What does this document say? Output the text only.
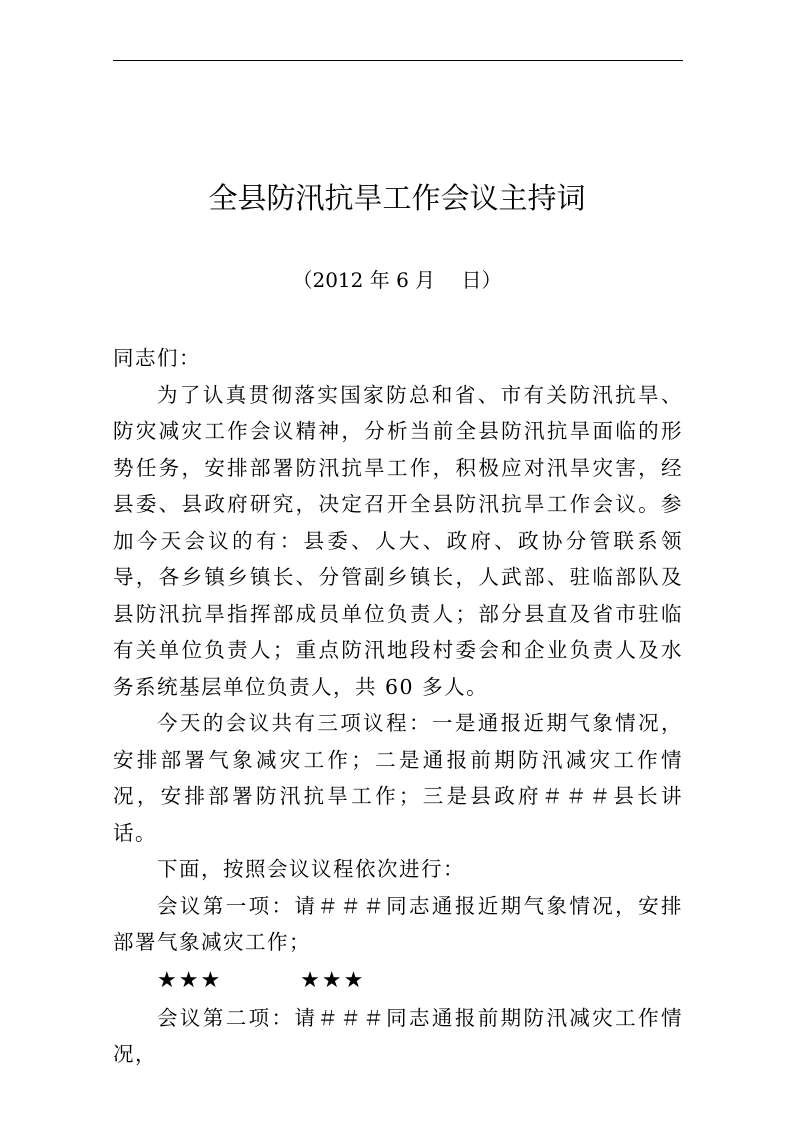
全县防汛抗旱工作会议主持词
（2012 年 6 月　 日）

同志们：

为了认真贯彻落实国家防总和省、市有关防汛抗旱、防灾减灾工作会议精神，分析当前全县防汛抗旱面临的形势任务，安排部署防汛抗旱工作，积极应对汛旱灾害，经县委、县政府研究，决定召开全县防汛抗旱工作会议。参加今天会议的有：县委、人大、政府、政协分管联系领导，各乡镇乡镇长、分管副乡镇长，人武部、驻临部队及县防汛抗旱指挥部成员单位负责人；部分县直及省市驻临有关单位负责人；重点防汛地段村委会和企业负责人及水务系统基层单位负责人，共 60 多人。

今天的会议共有三项议程：一是通报近期气象情况，安排部署气象减灾工作；二是通报前期防汛减灾工作情况，安排部署防汛抗旱工作；三是县政府＃＃＃县长讲话。

下面，按照会议议程依次进行：

会议第一项：请＃＃＃同志通报近期气象情况，安排部署气象减灾工作；

★★★	★★★

会议第二项：请＃＃＃同志通报前期防汛减灾工作情况，
